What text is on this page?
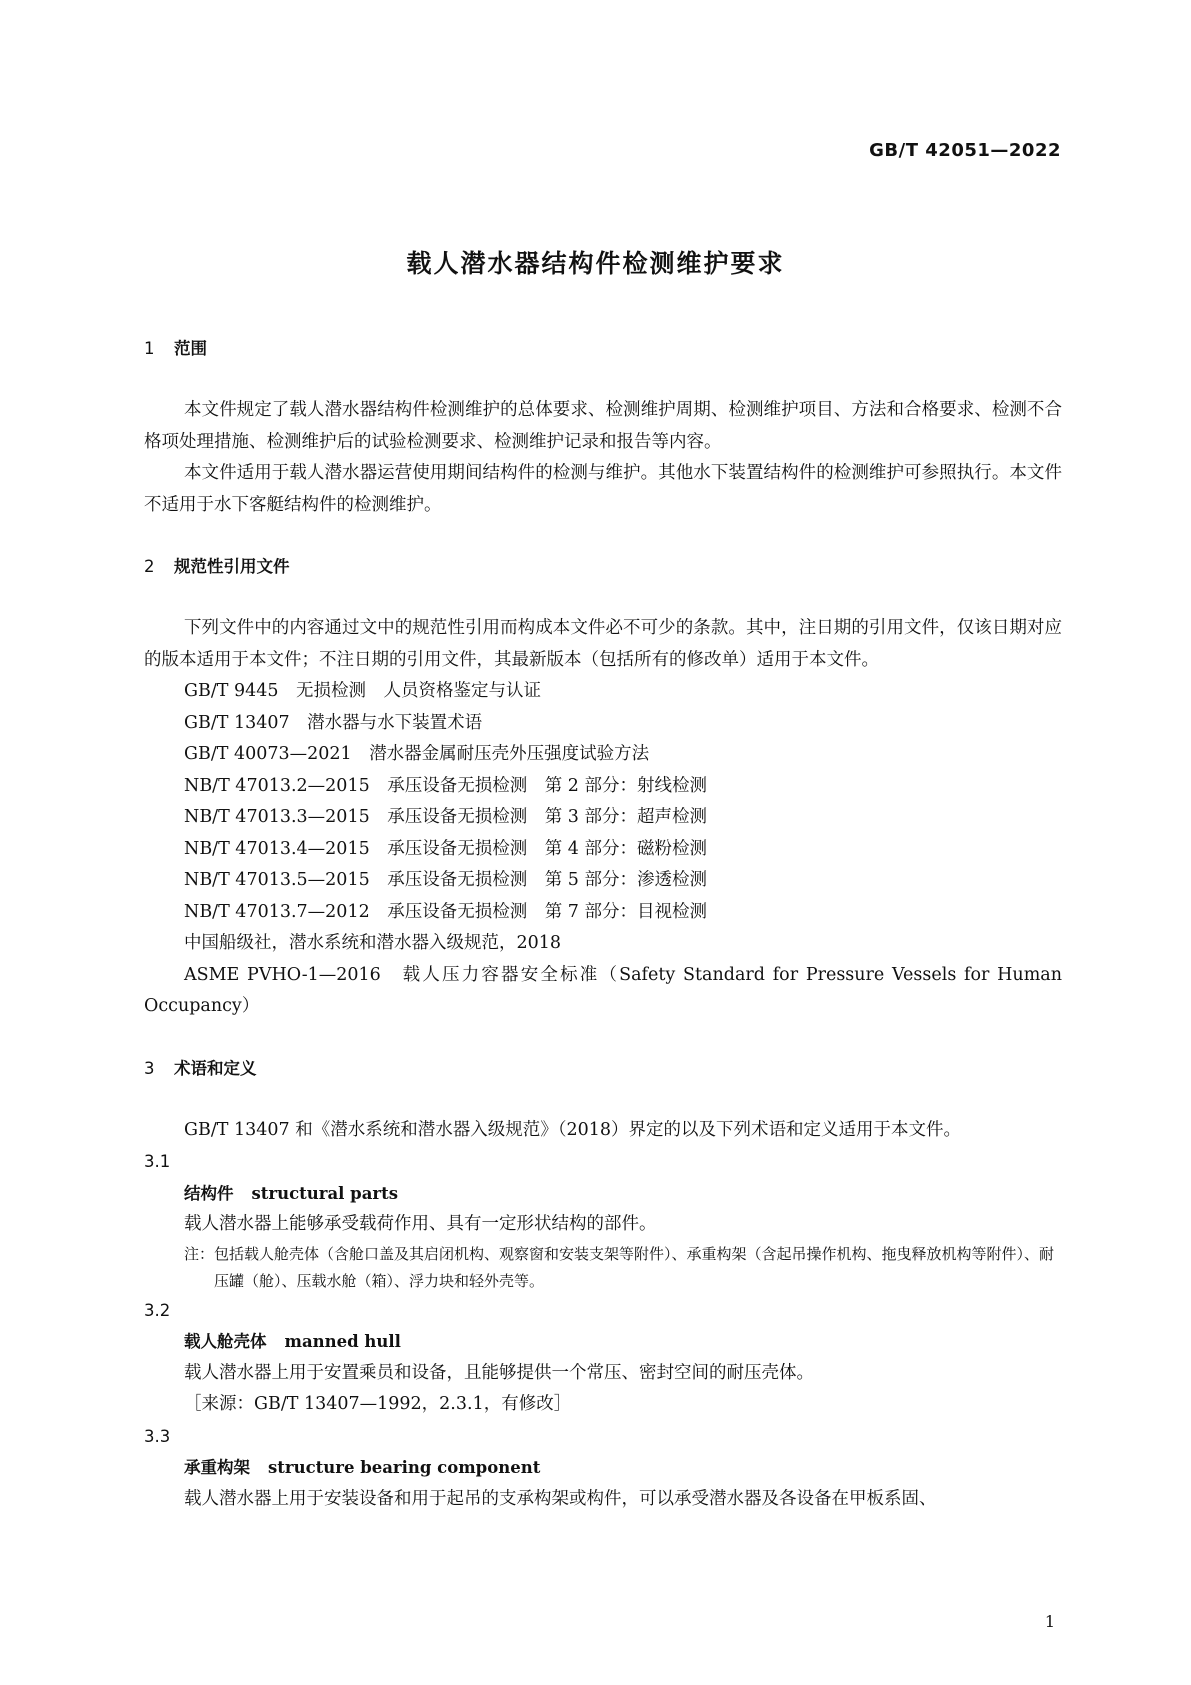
GB/T 42051—2022
载人潜水器结构件检测维护要求
1 范围

本文件规定了载人潜水器结构件检测维护的总体要求、检测维护周期、检测维护项目、方法和合格要求、检测不合格项处理措施、检测维护后的试验检测要求、检测维护记录和报告等内容。

本文件适用于载人潜水器运营使用期间结构件的检测与维护。其他水下装置结构件的检测维护可参照执行。本文件不适用于水下客艇结构件的检测维护。

2 规范性引用文件

下列文件中的内容通过文中的规范性引用而构成本文件必不可少的条款。其中，注日期的引用文件，仅该日期对应的版本适用于本文件；不注日期的引用文件，其最新版本（包括所有的修改单）适用于本文件。

GB/T 9445　 无损检测　人员资格鉴定与认证

GB/T 13407　 潜水器与水下装置术语

GB/T 40073—2021　 潜水器金属耐压壳外压强度试验方法

NB/T 47013.2—2015　 承压设备无损检测　第 2 部分：射线检测

NB/T 47013.3—2015　 承压设备无损检测　第 3 部分：超声检测

NB/T 47013.4—2015　 承压设备无损检测　第 4 部分：磁粉检测

NB/T 47013.5—2015　 承压设备无损检测　第 5 部分：渗透检测

NB/T 47013.7—2012　 承压设备无损检测　第 7 部分：目视检测

中国船级社，潜水系统和潜水器入级规范，2018

ASME PVHO-1—2016　载人压力容器安全标准（Safety Standard for Pressure Vessels for Human Occupancy）

3 术语和定义

GB/T 13407 和《潜水系统和潜水器入级规范》（2018）界定的以及下列术语和定义适用于本文件。

3.1

结构件 structural parts

载人潜水器上能够承受载荷作用、具有一定形状结构的部件。

注： 包括载人舱壳体（含舱口盖及其启闭机构、观察窗和安装支架等附件）、承重构架（含起吊操作机构、拖曳释放机构等附件）、耐压罐（舱）、压载水舱（箱）、浮力块和轻外壳等。

3.2

载人舱壳体 manned hull

载人潜水器上用于安置乘员和设备，且能够提供一个常压、密封空间的耐压壳体。

［来源：GB/T 13407—1992，2.3.1，有修改］

3.3

承重构架 structure bearing component

载人潜水器上用于安装设备和用于起吊的支承构架或构件，可以承受潜水器及各设备在甲板系固、

1
